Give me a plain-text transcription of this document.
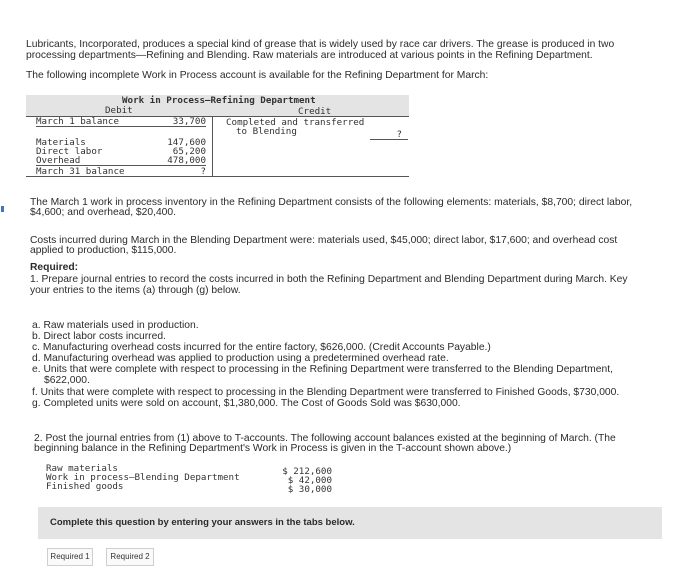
Lubricants, Incorporated, produces a special kind of grease that is widely used by race car drivers. The grease is produced in two
processing departments—Refining and Blending. Raw materials are introduced at various points in the Refining Department.
The following incomplete Work in Process account is available for the Refining Department for March:
Work in Process–Refining Department
Debit	Credit
March 1 balance	33,700
Materials	147,600
Direct labor	65,200
Overhead	478,000
March 31 balance	?
Completed and transferred
to Blending	?
The March 1 work in process inventory in the Refining Department consists of the following elements: materials, $8,700; direct labor,
$4,600; and overhead, $20,400.
Costs incurred during March in the Blending Department were: materials used, $45,000; direct labor, $17,600; and overhead cost
applied to production, $115,000.
Required:
1. Prepare journal entries to record the costs incurred in both the Refining Department and Blending Department during March. Key
your entries to the items (a) through (g) below.
a. Raw materials used in production.
b. Direct labor costs incurred.
c. Manufacturing overhead costs incurred for the entire factory, $626,000. (Credit Accounts Payable.)
d. Manufacturing overhead was applied to production using a predetermined overhead rate.
e. Units that were complete with respect to processing in the Refining Department were transferred to the Blending Department,
$622,000.
f. Units that were complete with respect to processing in the Blending Department were transferred to Finished Goods, $730,000.
g. Completed units were sold on account, $1,380,000. The Cost of Goods Sold was $630,000.
2. Post the journal entries from (1) above to T-accounts. The following account balances existed at the beginning of March. (The
beginning balance in the Refining Department's Work in Process is given in the T-account shown above.)
Raw materials	$ 212,600
Work in process–Blending Department	$ 42,000
Finished goods	$ 30,000
Complete this question by entering your answers in the tabs below.
Required 1	Required 2
